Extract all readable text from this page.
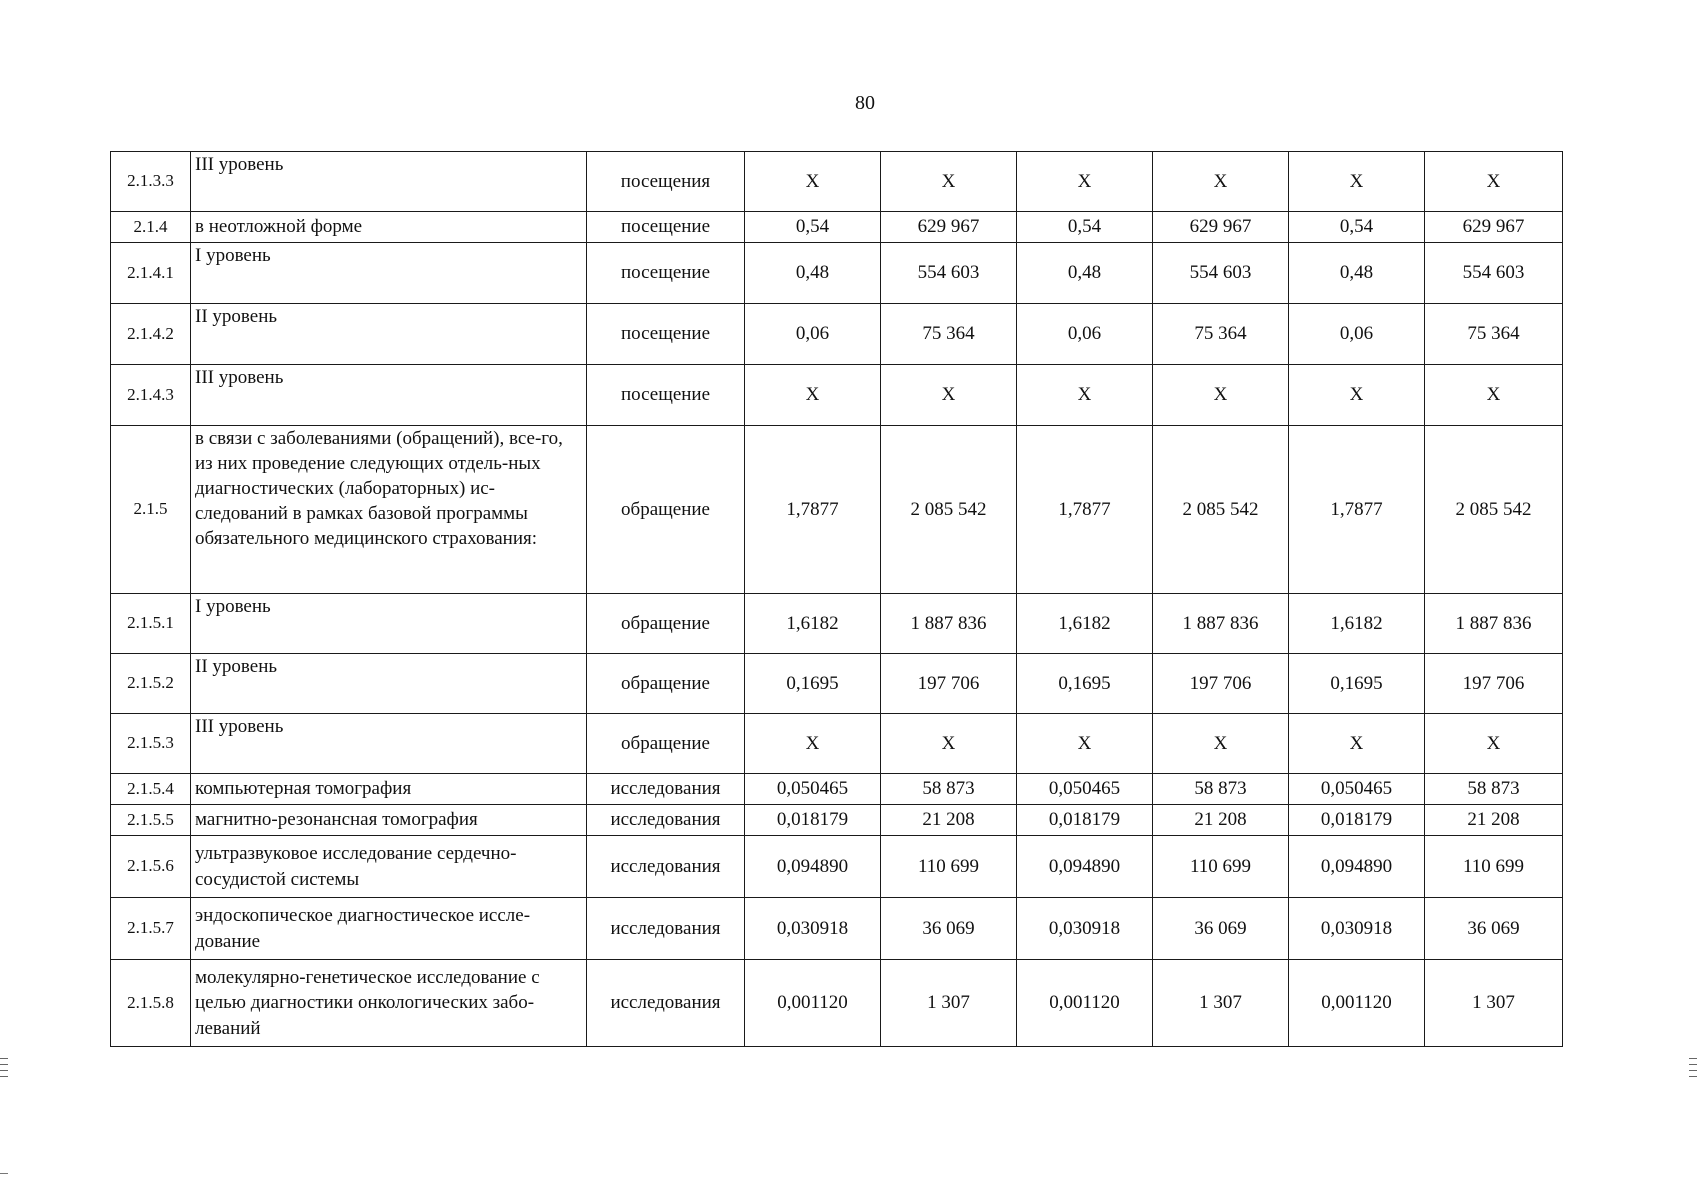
80
2.1.3.3	III уровень	посещения	Х	Х	Х	Х	Х	Х
2.1.4	в неотложной форме	посещение	0,54	629 967	0,54	629 967	0,54	629 967
2.1.4.1	I уровень	посещение	0,48	554 603	0,48	554 603	0,48	554 603
2.1.4.2	II уровень	посещение	0,06	75 364	0,06	75 364	0,06	75 364
2.1.4.3	III уровень	посещение	Х	Х	Х	Х	Х	Х
2.1.5	в связи с заболеваниями (обращений), все-го, из них проведение следующих отдель-ных диагностических (лабораторных) ис-следований в рамках базовой программы обязательного медицинского страхования:	обращение	1,7877	2 085 542	1,7877	2 085 542	1,7877	2 085 542
2.1.5.1	I уровень	обращение	1,6182	1 887 836	1,6182	1 887 836	1,6182	1 887 836
2.1.5.2	II уровень	обращение	0,1695	197 706	0,1695	197 706	0,1695	197 706
2.1.5.3	III уровень	обращение	Х	Х	Х	Х	Х	Х
2.1.5.4	компьютерная томография	исследования	0,050465	58 873	0,050465	58 873	0,050465	58 873
2.1.5.5	магнитно-резонансная томография	исследования	0,018179	21 208	0,018179	21 208	0,018179	21 208
2.1.5.6	ультразвуковое исследование сердечно-сосудистой системы	исследования	0,094890	110 699	0,094890	110 699	0,094890	110 699
2.1.5.7	эндоскопическое диагностическое иссле-дование	исследования	0,030918	36 069	0,030918	36 069	0,030918	36 069
2.1.5.8	молекулярно-генетическое исследование с целью диагностики онкологических забо-леваний	исследования	0,001120	1 307	0,001120	1 307	0,001120	1 307
